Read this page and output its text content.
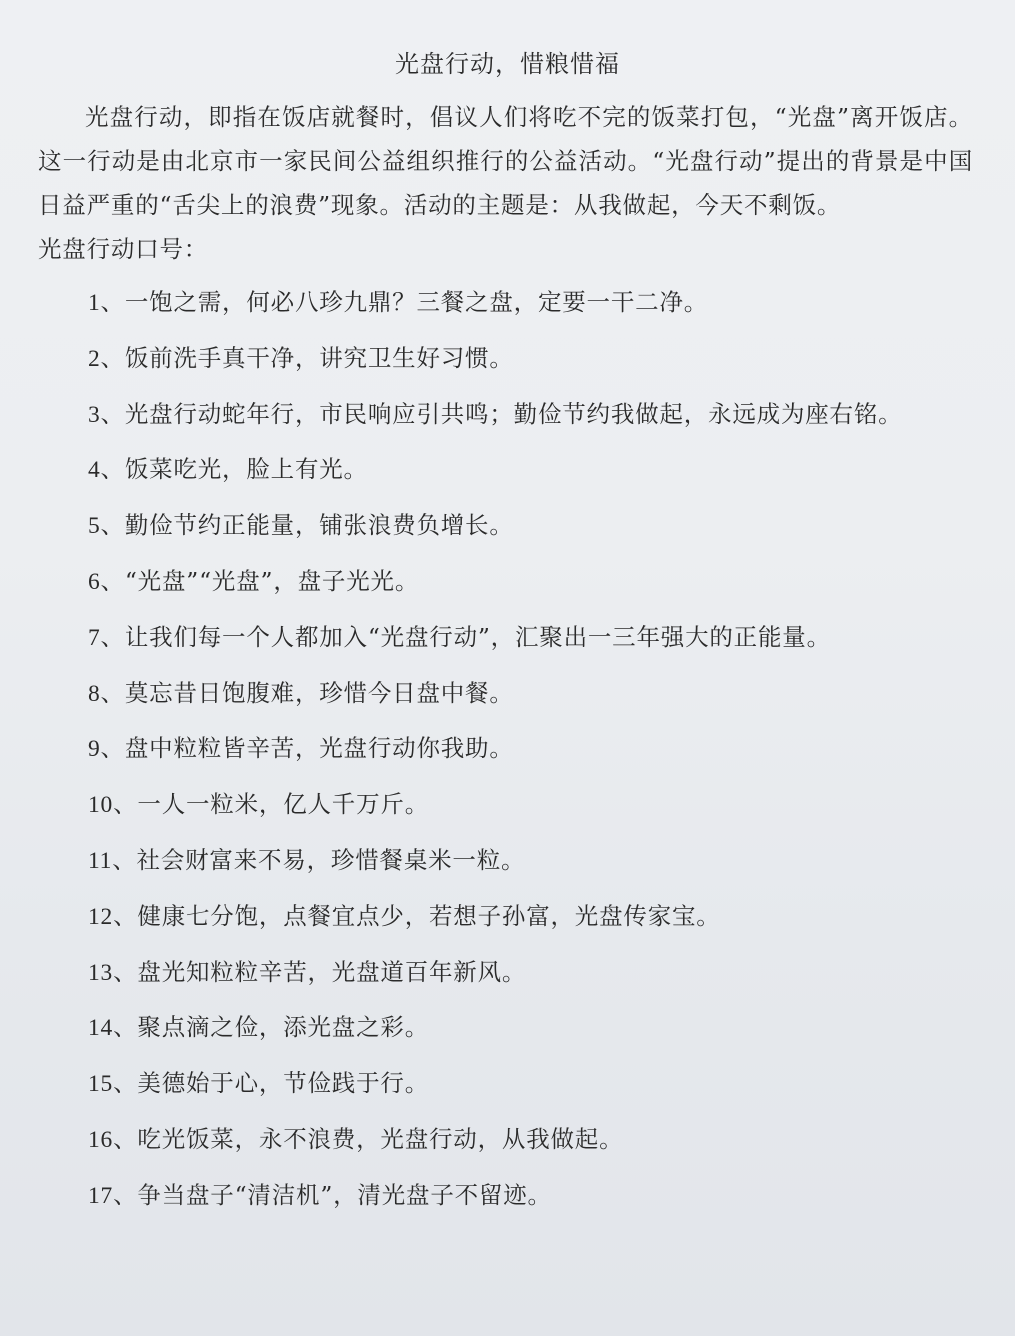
光盘行动，惜粮惜福
光盘行动，即指在饭店就餐时，倡议人们将吃不完的饭菜打包，“光盘”离开饭店。这一行动是由北京市一家民间公益组织推行的公益活动。“光盘行动”提出的背景是中国日益严重的“舌尖上的浪费”现象。活动的主题是：从我做起，今天不剩饭。
光盘行动口号：
1、一饱之需，何必八珍九鼎？三餐之盘，定要一干二净。
2、饭前洗手真干净，讲究卫生好习惯。
3、光盘行动蛇年行，市民响应引共鸣；勤俭节约我做起，永远成为座右铭。
4、饭菜吃光，脸上有光。
5、勤俭节约正能量，铺张浪费负增长。
6、“光盘”“光盘”，盘子光光。
7、让我们每一个人都加入“光盘行动”，汇聚出一三年强大的正能量。
8、莫忘昔日饱腹难，珍惜今日盘中餐。
9、盘中粒粒皆辛苦，光盘行动你我助。
10、一人一粒米，亿人千万斤。
11、社会财富来不易，珍惜餐桌米一粒。
12、健康七分饱，点餐宜点少，若想子孙富，光盘传家宝。
13、盘光知粒粒辛苦，光盘道百年新风。
14、聚点滴之俭，添光盘之彩。
15、美德始于心，节俭践于行。
16、吃光饭菜，永不浪费，光盘行动，从我做起。
17、争当盘子“清洁机”，清光盘子不留迹。
